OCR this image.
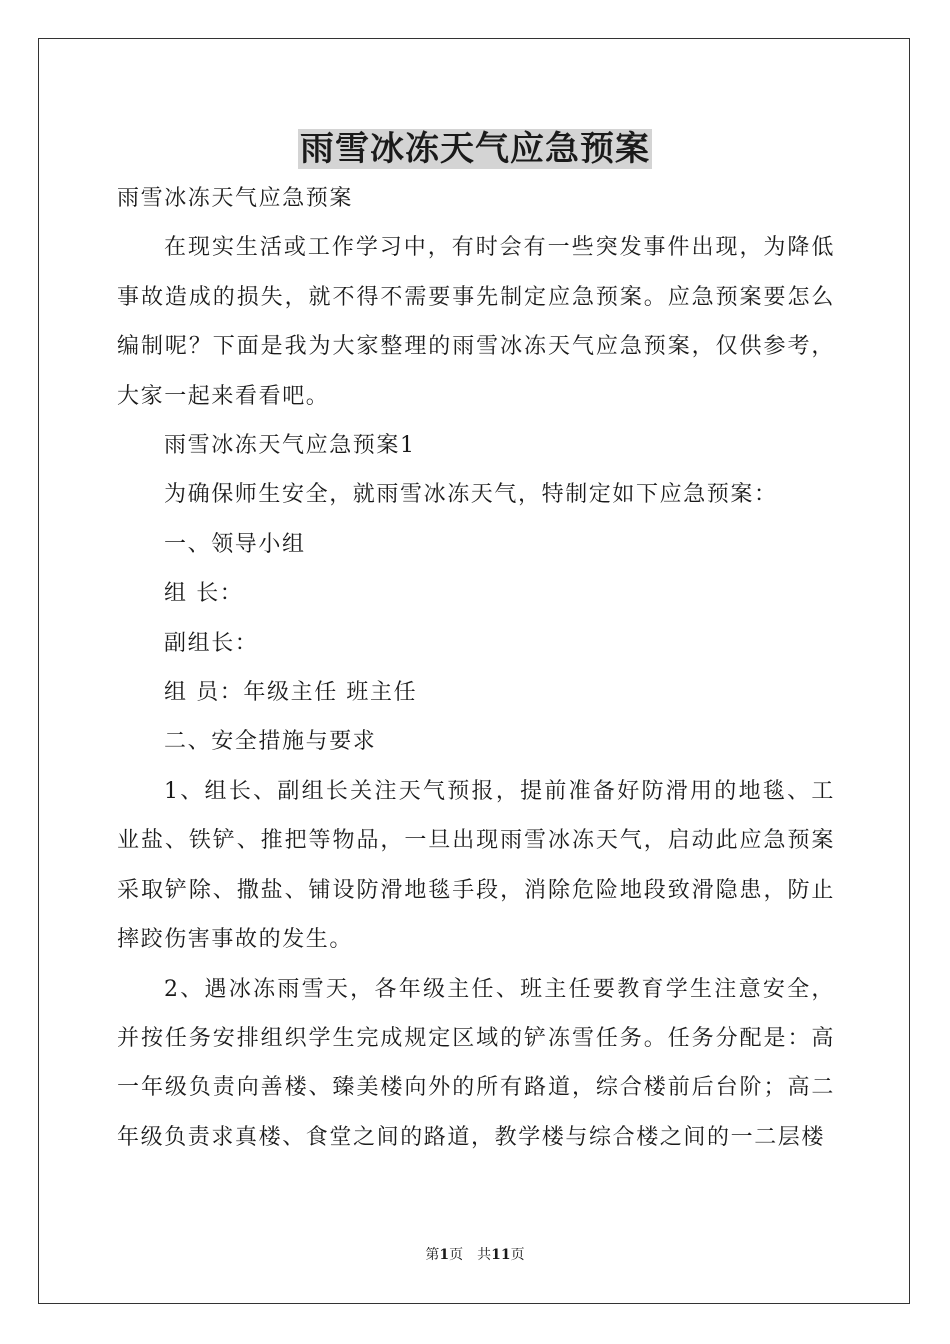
雨雪冰冻天气应急预案

雨雪冰冻天气应急预案

在现实生活或工作学习中，有时会有一些突发事件出现，为降低事故造成的损失，就不得不需要事先制定应急预案。应急预案要怎么编制呢？下面是我为大家整理的雨雪冰冻天气应急预案，仅供参考，大家一起来看看吧。

雨雪冰冻天气应急预案1

为确保师生安全，就雨雪冰冻天气，特制定如下应急预案：

一、领导小组

组 长：

副组长：

组 员：年级主任 班主任

二、安全措施与要求

1、组长、副组长关注天气预报，提前准备好防滑用的地毯、工业盐、铁铲、推把等物品，一旦出现雨雪冰冻天气，启动此应急预案采取铲除、撒盐、铺设防滑地毯手段，消除危险地段致滑隐患，防止摔跤伤害事故的发生。

2、遇冰冻雨雪天，各年级主任、班主任要教育学生注意安全，并按任务安排组织学生完成规定区域的铲冻雪任务。任务分配是：高一年级负责向善楼、臻美楼向外的所有路道，综合楼前后台阶；高二年级负责求真楼、食堂之间的路道，教学楼与综合楼之间的一二层楼

第1页　共11页
